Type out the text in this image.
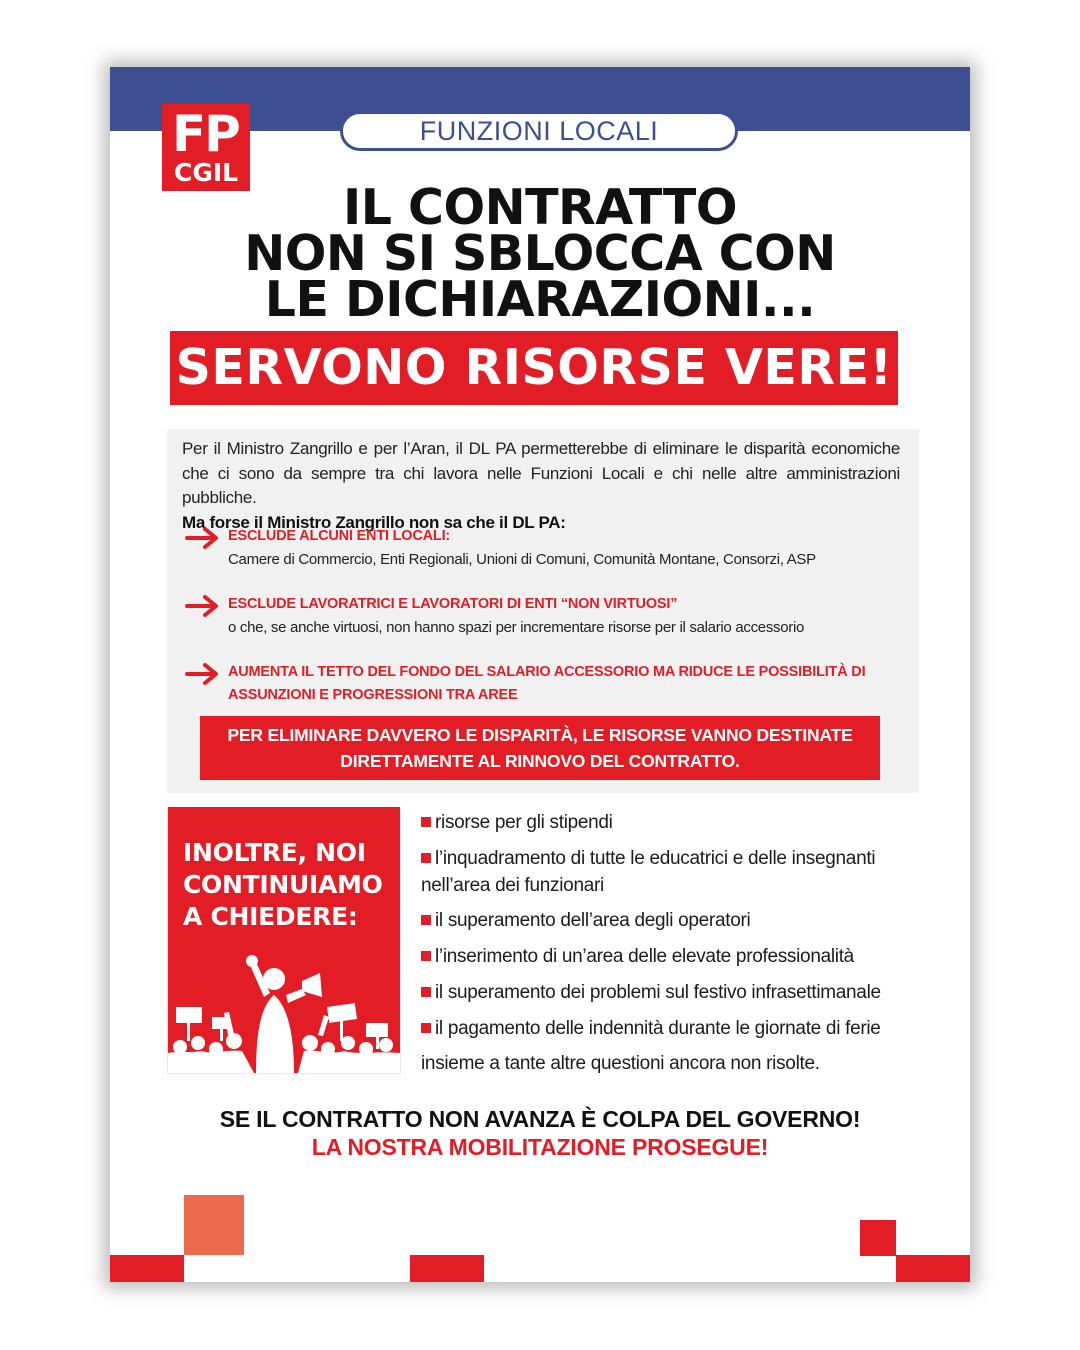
FP
CGIL
FUNZIONI LOCALI
IL CONTRATTO
NON SI SBLOCCA CON
LE DICHIARAZIONI...
SERVONO RISORSE VERE!
Per il Ministro Zangrillo e per l’Aran, il DL PA permetterebbe di eliminare le disparità economiche che ci sono da sempre tra chi lavora nelle Funzioni Locali e chi nelle altre amministrazioni pubbliche.
Ma forse il Ministro Zangrillo non sa che il DL PA:
ESCLUDE ALCUNI ENTI LOCALI:
Camere di Commercio, Enti Regionali, Unioni di Comuni, Comunità Montane, Consorzi, ASP
ESCLUDE LAVORATRICI E LAVORATORI DI ENTI “NON VIRTUOSI”
o che, se anche virtuosi, non hanno spazi per incrementare risorse per il salario accessorio
AUMENTA IL TETTO DEL FONDO DEL SALARIO ACCESSORIO MA RIDUCE LE POSSIBILITÀ DI ASSUNZIONI E PROGRESSIONI TRA AREE
PER ELIMINARE DAVVERO LE DISPARITÀ, LE RISORSE VANNO DESTINATE DIRETTAMENTE AL RINNOVO DEL CONTRATTO.
INOLTRE, NOI CONTINUIAMO A CHIEDERE:
risorse per gli stipendi
l’inquadramento di tutte le educatrici e delle insegnanti nell’area dei funzionari
il superamento dell’area degli operatori
l’inserimento di un’area delle elevate professionalità
il superamento dei problemi sul festivo infrasettimanale
il pagamento delle indennità durante le giornate di ferie
insieme a tante altre questioni ancora non risolte.
SE IL CONTRATTO NON AVANZA È COLPA DEL GOVERNO!
LA NOSTRA MOBILITAZIONE PROSEGUE!
